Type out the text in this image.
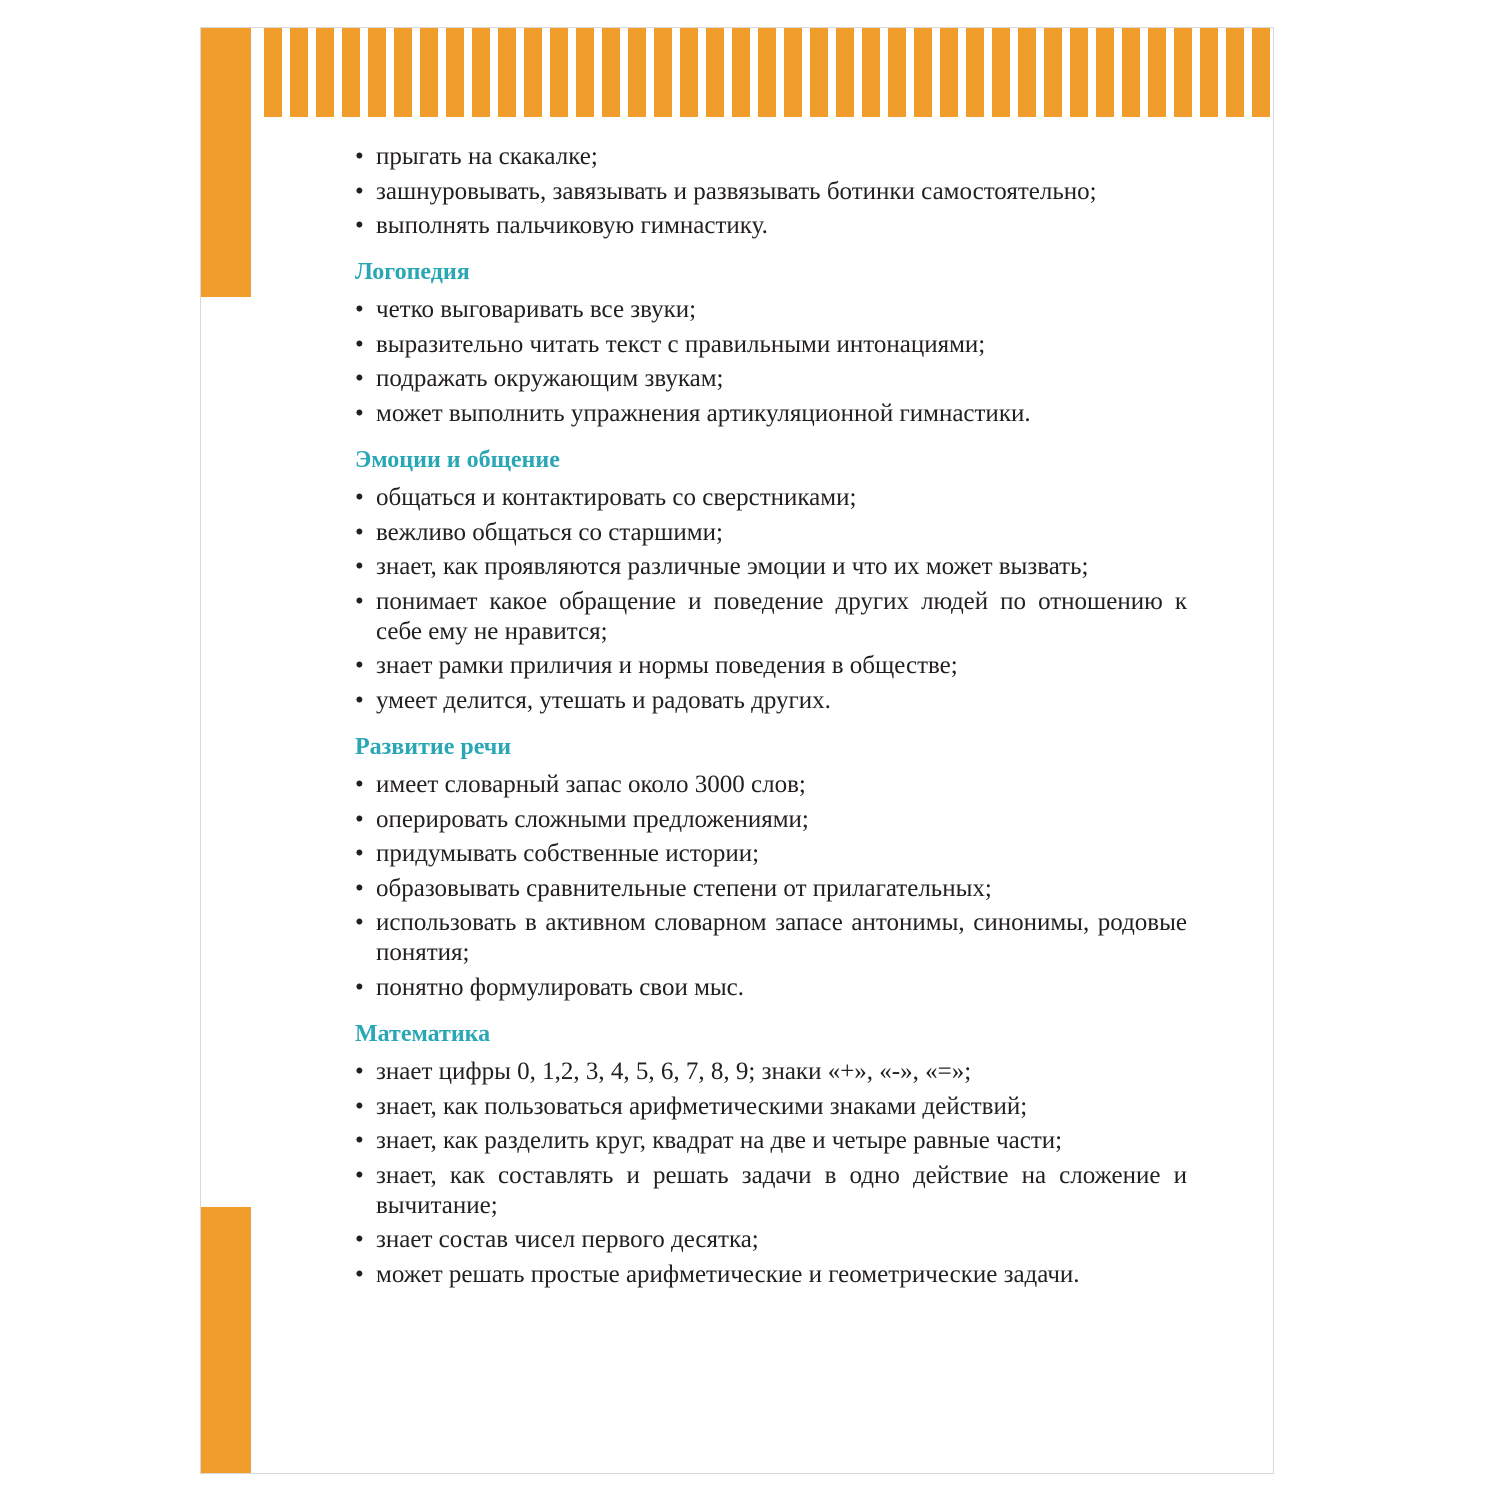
• прыгать на скакалке;
• зашнуровывать, завязывать и развязывать ботинки самостоятельно;
• выполнять пальчиковую гимнастику.
Логопедия
• четко выговаривать все звуки;
• выразительно читать текст с правильными интонациями;
• подражать окружающим звукам;
• может выполнить упражнения артикуляционной гимнастики.
Эмоции и общение
• общаться и контактировать со сверстниками;
• вежливо общаться со старшими;
• знает, как проявляются различные эмоции и что их может вызвать;
• понимает какое обращение и поведение других людей по отношению к себе ему не нравится;
• знает рамки приличия и нормы поведения в обществе;
• умеет делится, утешать и радовать других.
Развитие речи
• имеет словарный запас около 3000 слов;
• оперировать сложными предложениями;
• придумывать собственные истории;
• образовывать сравнительные степени от прилагательных;
• использовать в активном словарном запасе антонимы, синонимы, родовые понятия;
• понятно формулировать свои мыс.
Математика
• знает цифры 0, 1,2, 3, 4, 5, 6, 7, 8, 9; знаки «+», «-», «=»;
• знает, как пользоваться арифметическими знаками действий;
• знает, как разделить круг, квадрат на две и четыре равные части;
• знает, как составлять и решать задачи в одно действие на сложение и вычитание;
• знает состав чисел первого десятка;
• может решать простые арифметические и геометрические задачи.
